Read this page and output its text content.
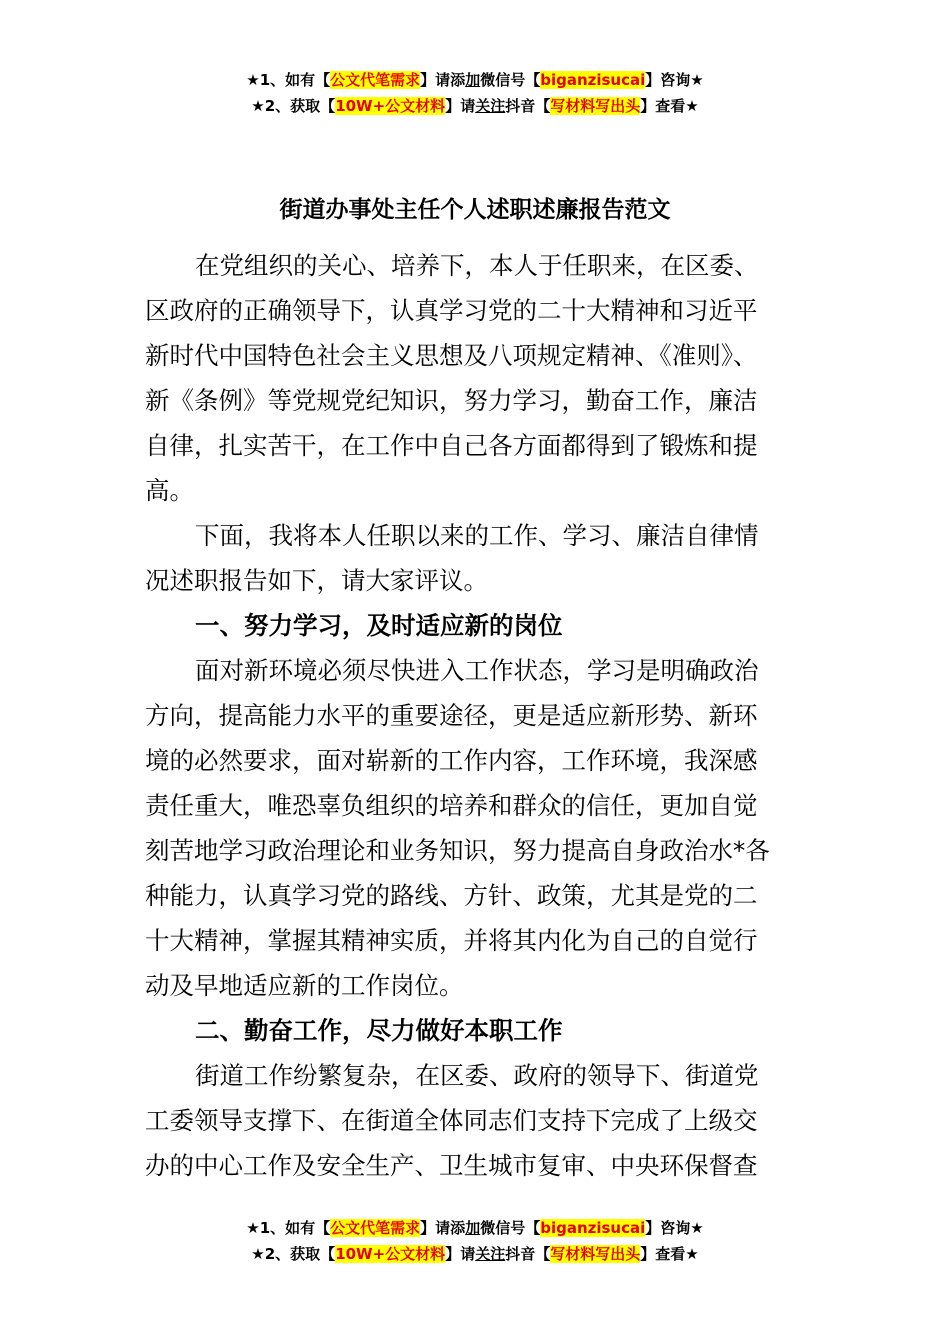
★1、如有【公文代笔需求】请添加微信号【biganzisucai】咨询★
★2、获取【10W+公文材料】请关注抖音【写材料写出头】查看★
街道办事处主任个人述职述廉报告范文
在党组织的关心、培养下，本人于任职来，在区委、
区政府的正确领导下，认真学习党的二十大精神和习近平
新时代中国特色社会主义思想及八项规定精神、《准则》、
新《条例》等党规党纪知识，努力学习，勤奋工作，廉洁
自律，扎实苦干，在工作中自己各方面都得到了锻炼和提
高。
下面，我将本人任职以来的工作、学习、廉洁自律情
况述职报告如下，请大家评议。
一、努力学习，及时适应新的岗位
面对新环境必须尽快进入工作状态，学习是明确政治
方向，提高能力水平的重要途径，更是适应新形势、新环
境的必然要求，面对崭新的工作内容，工作环境，我深感
责任重大，唯恐辜负组织的培养和群众的信任，更加自觉
刻苦地学习政治理论和业务知识，努力提高自身政治水*各
种能力，认真学习党的路线、方针、政策，尤其是党的二
十大精神，掌握其精神实质，并将其内化为自己的自觉行
动及早地适应新的工作岗位。
二、勤奋工作，尽力做好本职工作
街道工作纷繁复杂，在区委、政府的领导下、街道党
工委领导支撑下、在街道全体同志们支持下完成了上级交
办的中心工作及安全生产、卫生城市复审、中央环保督查
★1、如有【公文代笔需求】请添加微信号【biganzisucai】咨询★
★2、获取【10W+公文材料】请关注抖音【写材料写出头】查看★
